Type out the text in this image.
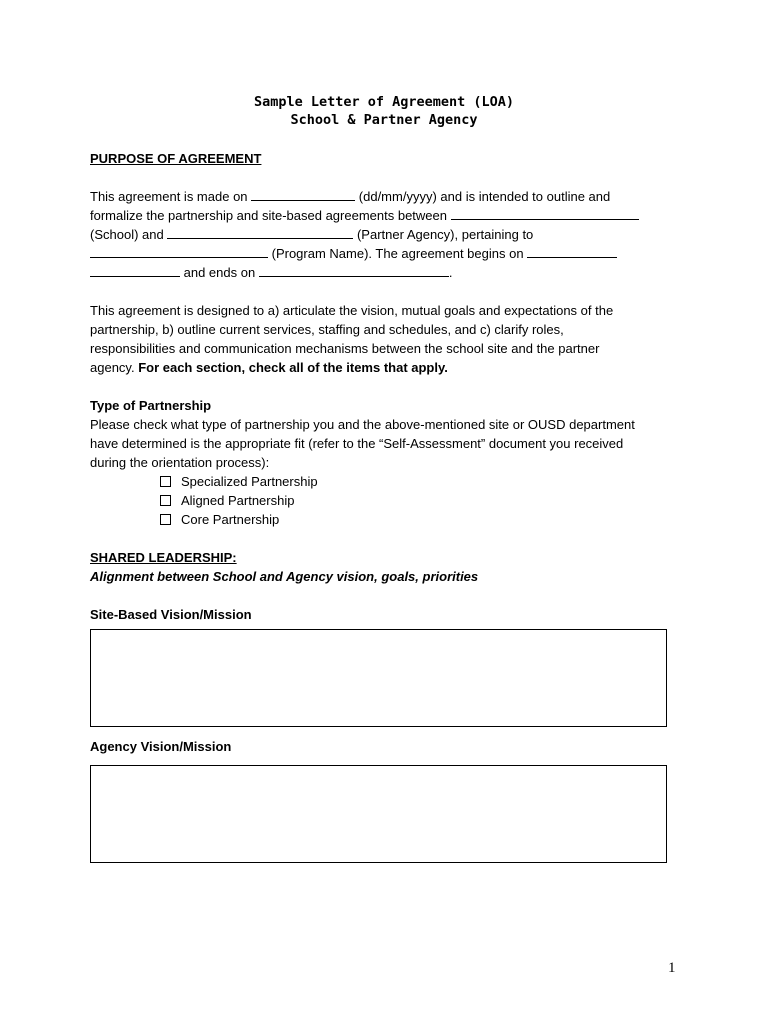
Sample Letter of Agreement (LOA)
School & Partner Agency
PURPOSE OF AGREEMENT
This agreement is made on	(dd/mm/yyyy) and is intended to outline and
formalize the partnership and site-based agreements between
(School) and	(Partner Agency), pertaining to
(Program Name). The agreement begins on
and ends on	.
This agreement is designed to a) articulate the vision, mutual goals and expectations of the
partnership, b) outline current services, staffing and schedules, and c) clarify roles,
responsibilities and communication mechanisms between the school site and the partner
agency. For each section, check all of the items that apply.
Type of Partnership
Please check what type of partnership you and the above-mentioned site or OUSD department
have determined is the appropriate fit (refer to the “Self-Assessment” document you received
during the orientation process):
Specialized Partnership
Aligned Partnership
Core Partnership
SHARED LEADERSHIP:
Alignment between School and Agency vision, goals, priorities
Site-Based Vision/Mission
Agency Vision/Mission
1
